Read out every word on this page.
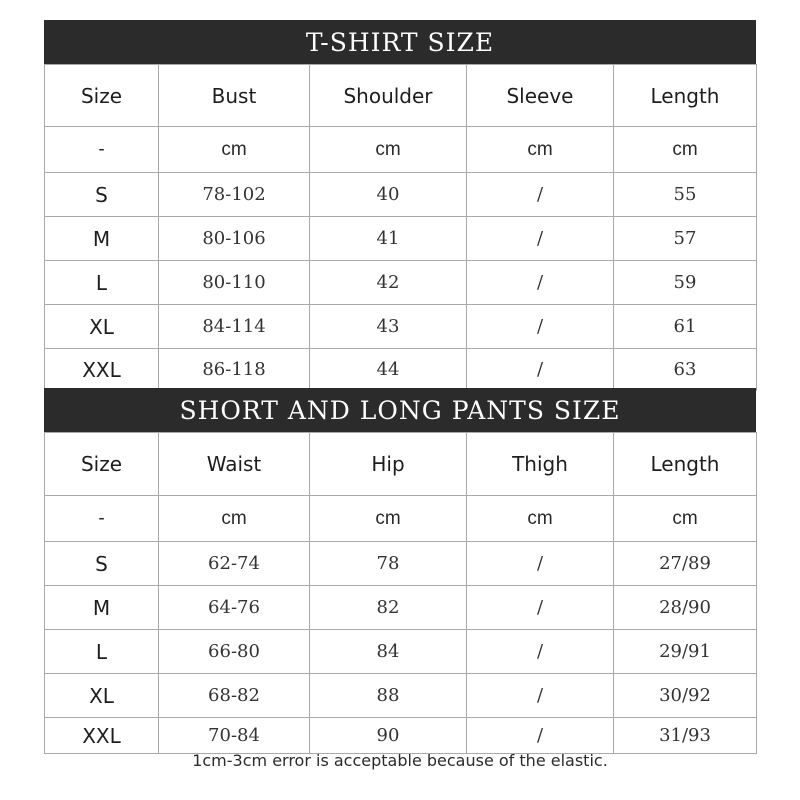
T-SHIRT SIZE
Size	Bust	Shoulder	Sleeve	Length
-	cm	cm	cm	cm
S	78-102	40	/	55
M	80-106	41	/	57
L	80-110	42	/	59
XL	84-114	43	/	61
XXL	86-118	44	/	63
SHORT AND LONG PANTS SIZE
Size	Waist	Hip	Thigh	Length
-	cm	cm	cm	cm
S	62-74	78	/	27/89
M	64-76	82	/	28/90
L	66-80	84	/	29/91
XL	68-82	88	/	30/92
XXL	70-84	90	/	31/93
1cm-3cm error is acceptable because of the elastic.
